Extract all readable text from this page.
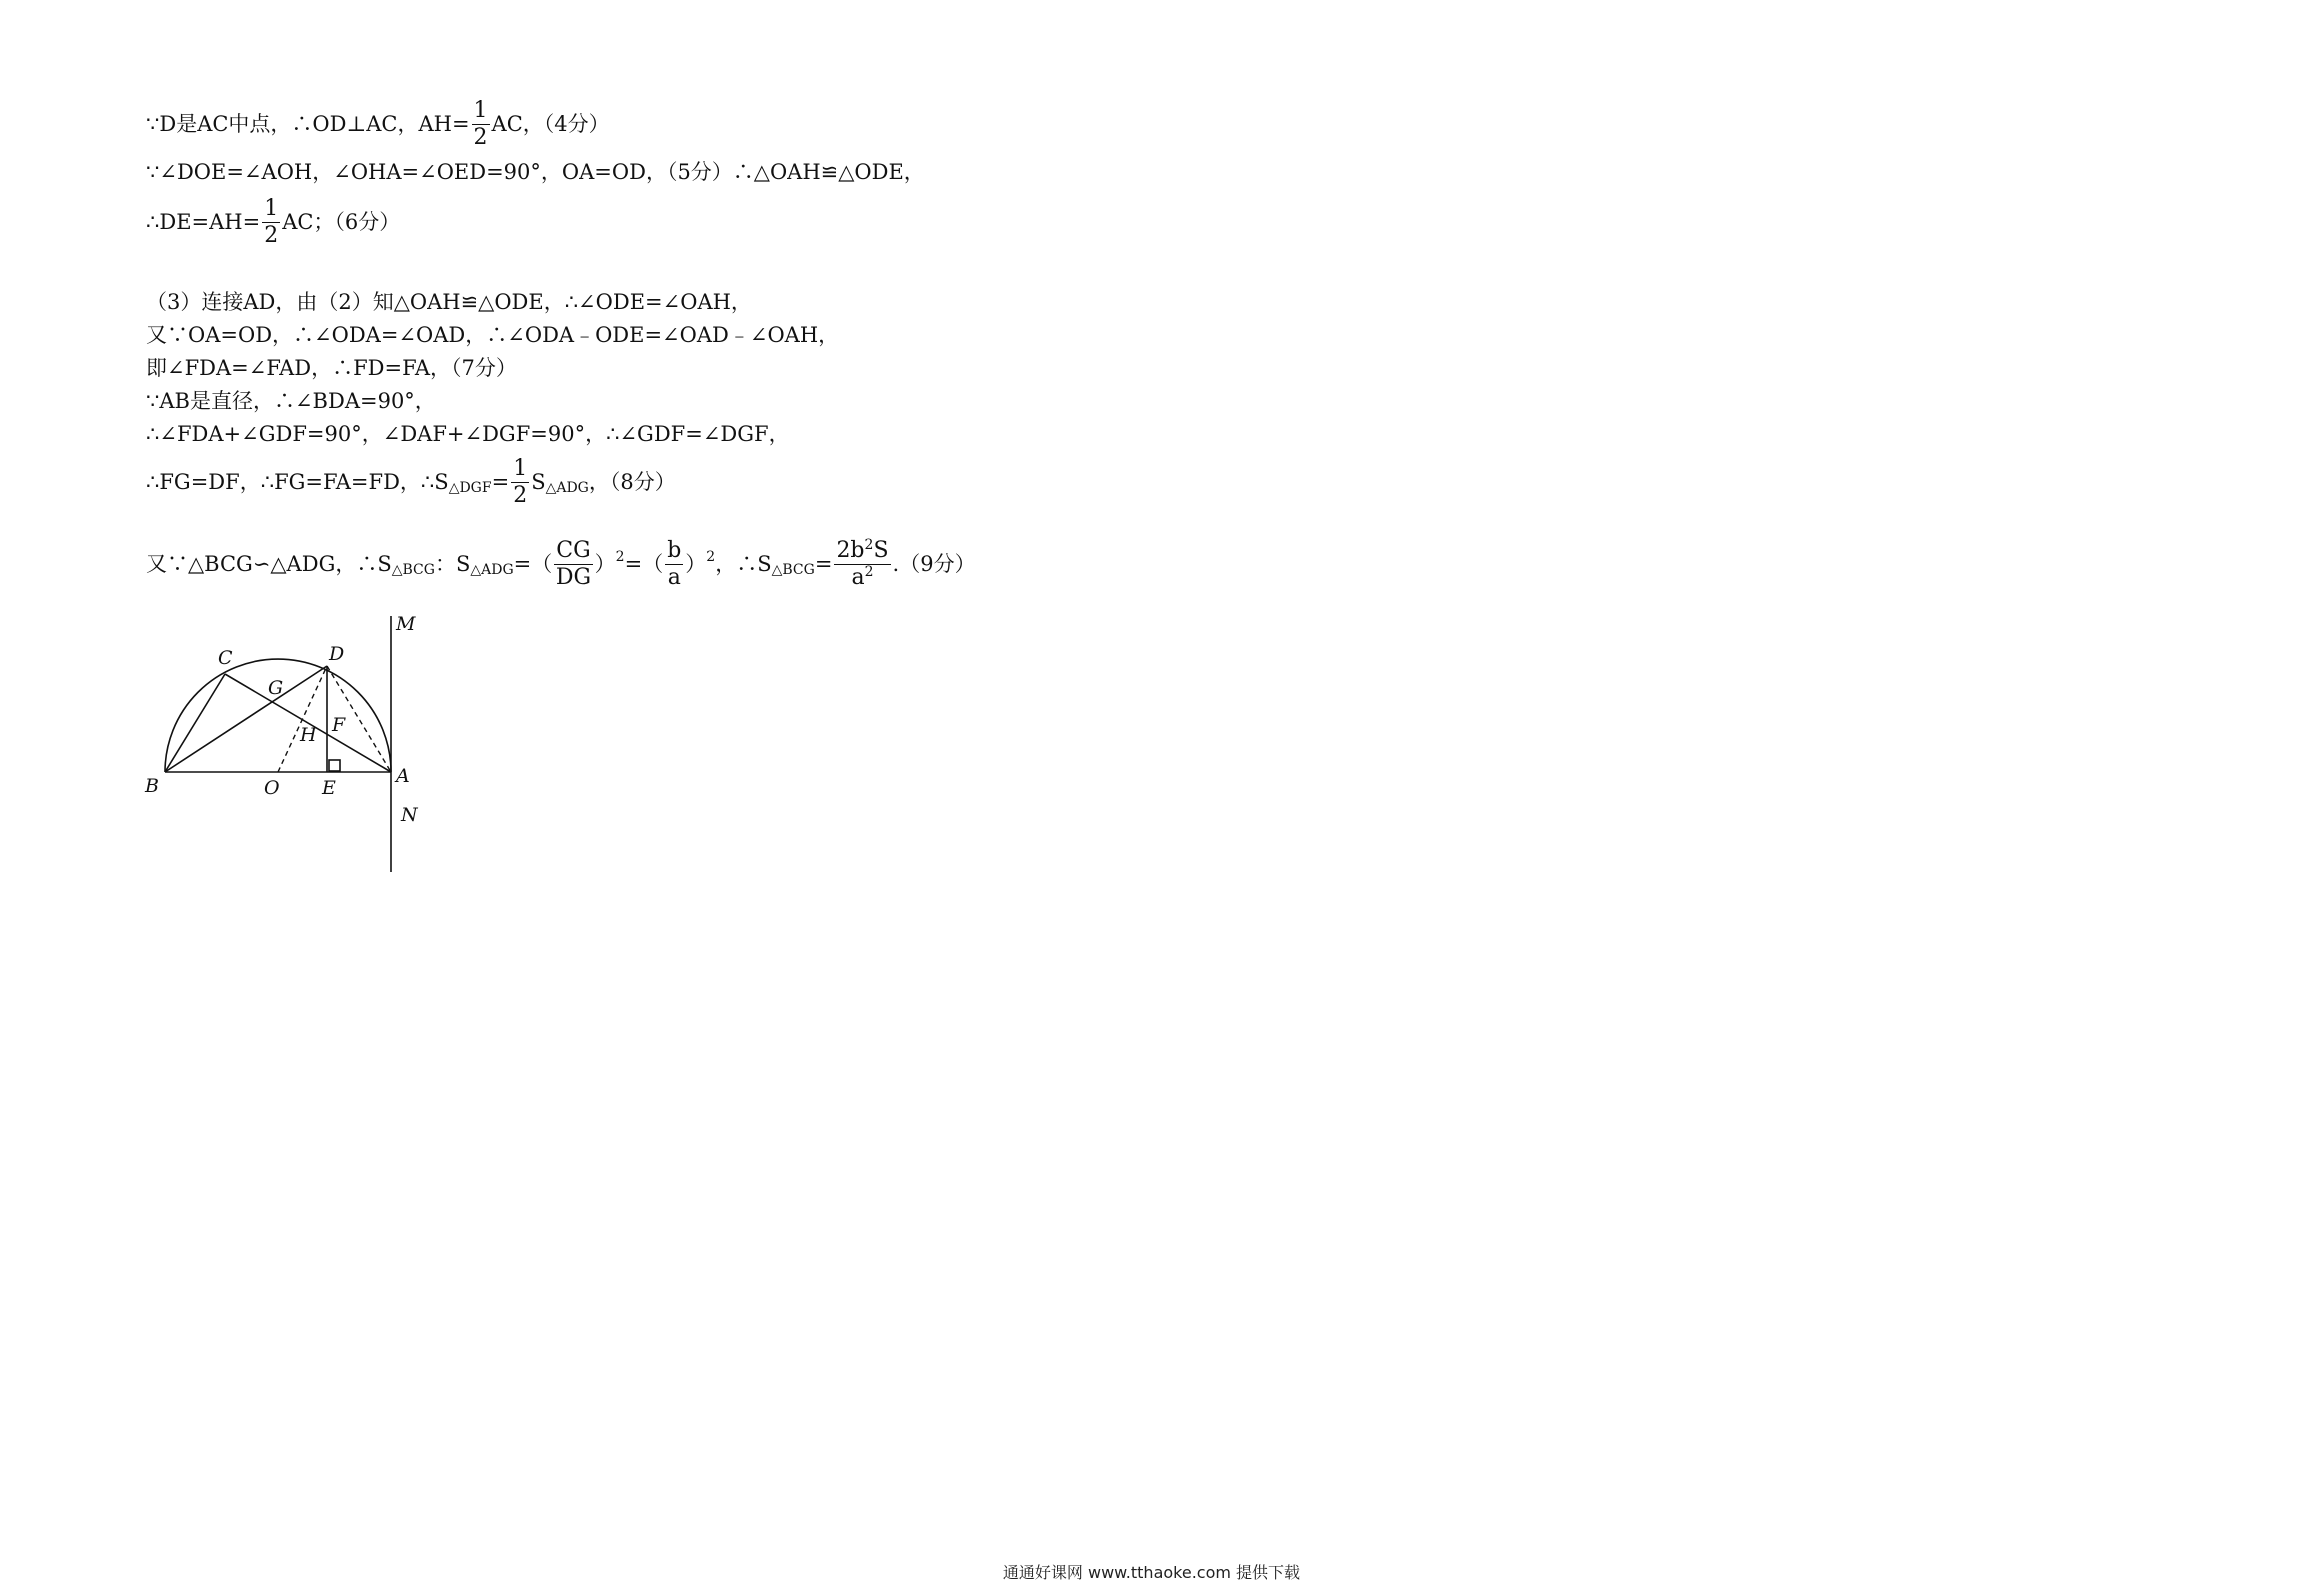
∵D是AC中点，∴OD⊥AC，$AH= \frac{1}{2}$ AC，（4分）
∵∠DOE=∠AOH，∠OHA=∠OED=90°，OA=OD，（5分）∴△OAH≌△ODE，
∴DE=AH= $\frac{1}{2}$ AC；（6分）
（3）连接AD，由（2）知△OAH≌△ODE，∴∠ODE=∠OAH，
又∵OA=OD，∴∠ODA=∠OAD，∴∠ODA﹣ODE=∠OAD﹣∠OAH，
即∠FDA=∠FAD，∴FD=FA，（7分）
∵AB是直径，∴∠BDA=90°，
∴∠FDA+∠GDF=90°，∠DAF+∠DGF=90°，∴∠GDF=∠DGF，
∴FG=DF，∴FG=FA=FD，∴S △DGF = $\frac{1}{2}$ S △ADG ，（8分）
又∵△BCG∽△ADG，∴S △BCG ：S △ADG =（ $\frac{CG}{DG}$ ） 2 =（ $\frac{b}{a}$ ） 2 ，∴S △BCG = $\frac{2b^2S}{a^2} .(9$分）
C	D
M
G
F
H
B	O E
A
N
通通好课网 www.tthaoke.com 提供下载
